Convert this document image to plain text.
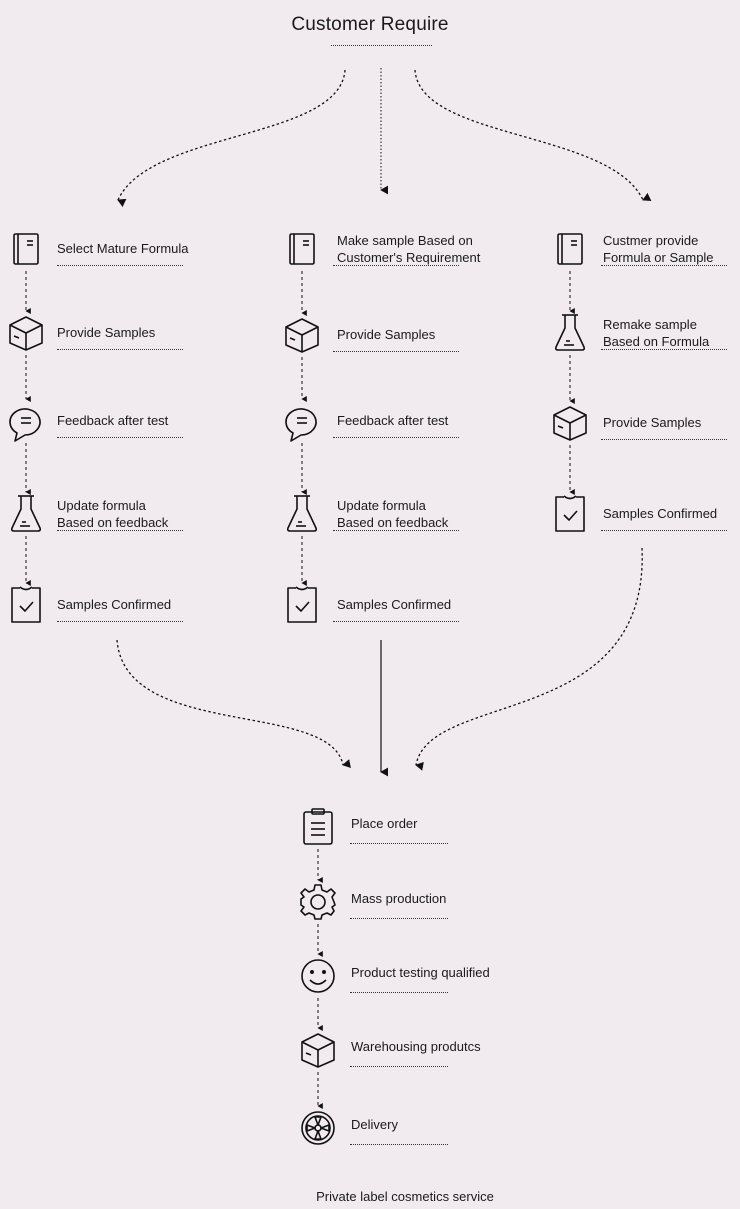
Customer Require
Select Mature Formula
Provide Samples
Feedback after test
Update formula
Based on feedback
Samples Confirmed
Make sample Based on
Customer's Requirement
Provide Samples
Feedback after test
Update formula
Based on feedback
Samples Confirmed
Custmer provide
Formula or Sample
Remake sample
Based on Formula
Provide Samples
Samples Confirmed
Place order
Mass production
Product testing qualified
Warehousing produtcs
Delivery
Private label cosmetics service
